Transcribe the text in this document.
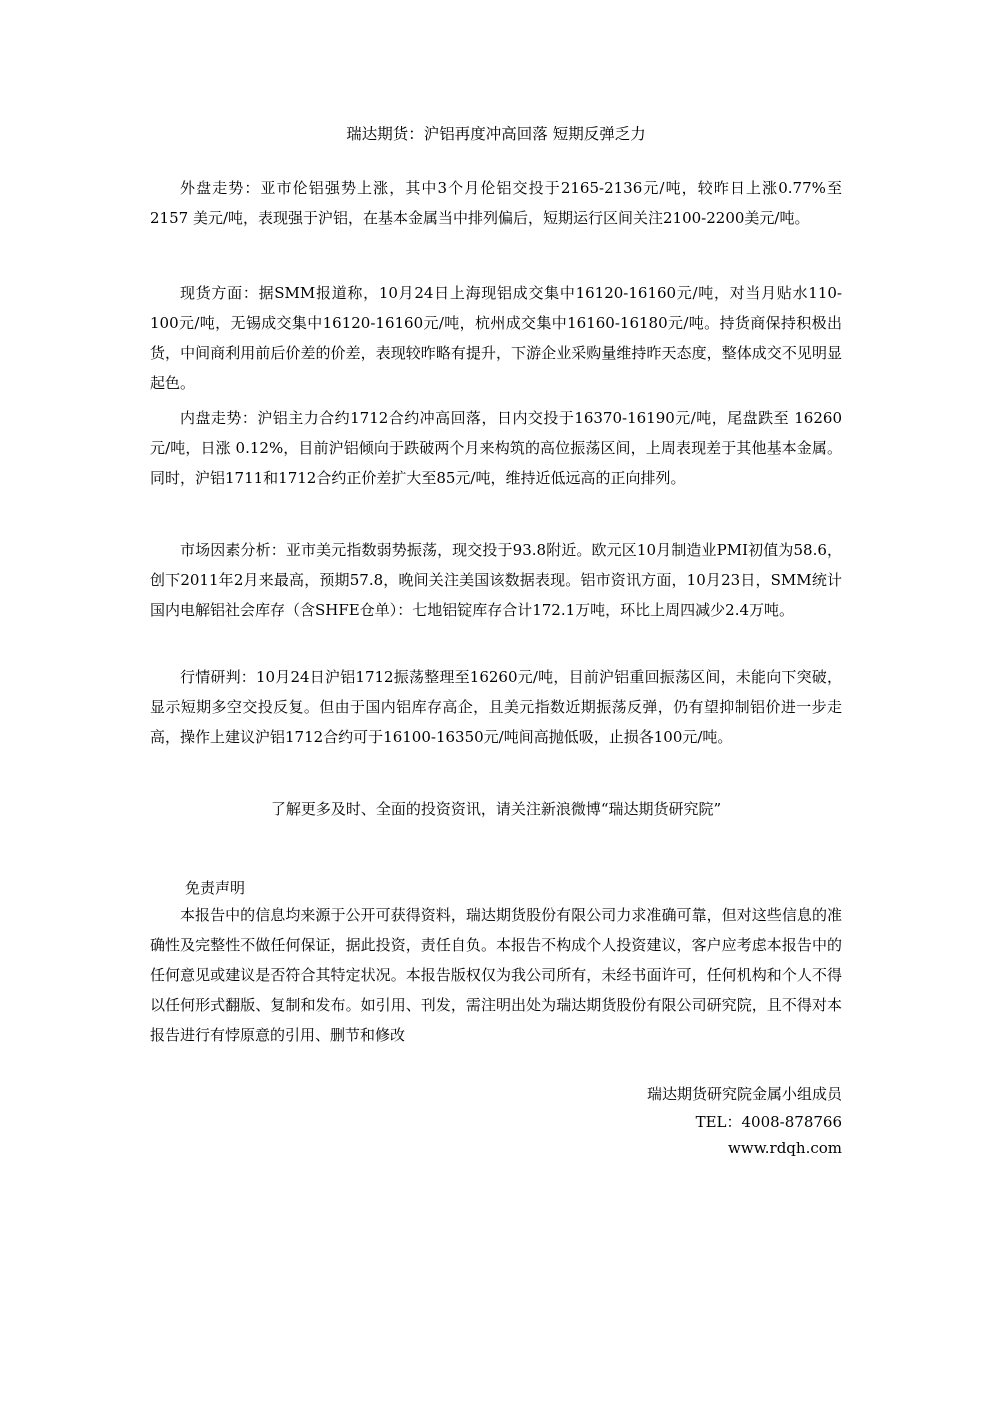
瑞达期货：沪铝再度冲高回落 短期反弹乏力

外盘走势：亚市伦铝强势上涨，其中3个月伦铝交投于2165-2136元/吨，较昨日上涨0.77%至 2157 美元/吨，表现强于沪铝，在基本金属当中排列偏后，短期运行区间关注2100-2200美元/吨。

现货方面：据SMM报道称，10月24日上海现铝成交集中16120-16160元/吨，对当月贴水110-100元/吨，无锡成交集中16120-16160元/吨，杭州成交集中16160-16180元/吨。持货商保持积极出货，中间商利用前后价差的价差，表现较昨略有提升，下游企业采购量维持昨天态度，整体成交不见明显起色。

内盘走势：沪铝主力合约1712合约冲高回落，日内交投于16370-16190元/吨，尾盘跌至 16260元/吨，日涨 0.12%，目前沪铝倾向于跌破两个月来构筑的高位振荡区间，上周表现差于其他基本金属。同时，沪铝1711和1712合约正价差扩大至85元/吨，维持近低远高的正向排列。

市场因素分析：亚市美元指数弱势振荡，现交投于93.8附近。欧元区10月制造业PMI初值为58.6，创下2011年2月来最高，预期57.8，晚间关注美国该数据表现。铝市资讯方面，10月23日，SMM统计国内电解铝社会库存（含SHFE仓单）：七地铝锭库存合计172.1万吨，环比上周四减少2.4万吨。

行情研判：10月24日沪铝1712振荡整理至16260元/吨，目前沪铝重回振荡区间，未能向下突破，显示短期多空交投反复。但由于国内铝库存高企，且美元指数近期振荡反弹，仍有望抑制铝价进一步走高，操作上建议沪铝1712合约可于16100-16350元/吨间高抛低吸，止损各100元/吨。

了解更多及时、全面的投资资讯，请关注新浪微博“瑞达期货研究院”
免责声明

本报告中的信息均来源于公开可获得资料，瑞达期货股份有限公司力求准确可靠，但对这些信息的准确性及完整性不做任何保证，据此投资，责任自负。本报告不构成个人投资建议，客户应考虑本报告中的任何意见或建议是否符合其特定状况。本报告版权仅为我公司所有，未经书面许可，任何机构和个人不得以任何形式翻版、复制和发布。如引用、刊发，需注明出处为瑞达期货股份有限公司研究院，且不得对本报告进行有悖原意的引用、删节和修改

瑞达期货研究院金属小组成员
TEL：4008-878766
www.rdqh.com
